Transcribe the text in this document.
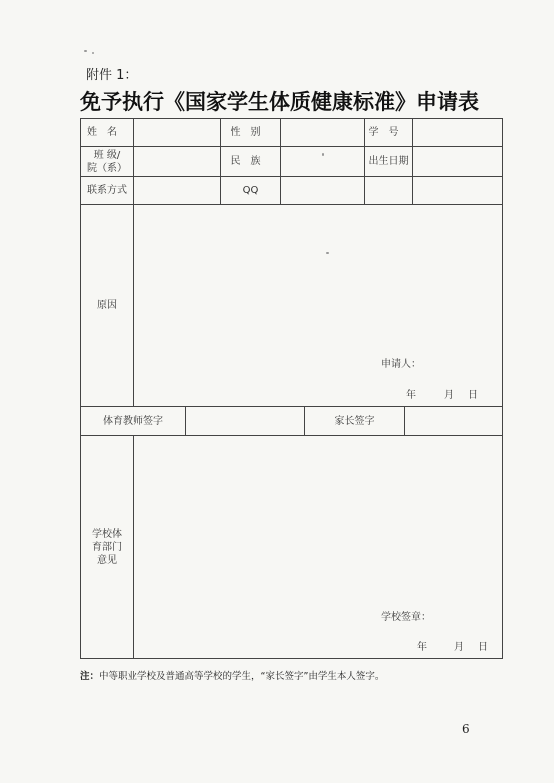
附件 1：
免予执行《国家学生体质健康标准》申请表
姓名			性别			学号		
班 级/
院（系）			民族			出生日期		
联系方式			QQ					
原因	申请人：
年 月 日							

体育教师签字					家长签字			
学校体
育部门
意见	学校签章：
年 月 日							
注：中等职业学校及普通高等学校的学生，“家长签字”由学生本人签字。
6
